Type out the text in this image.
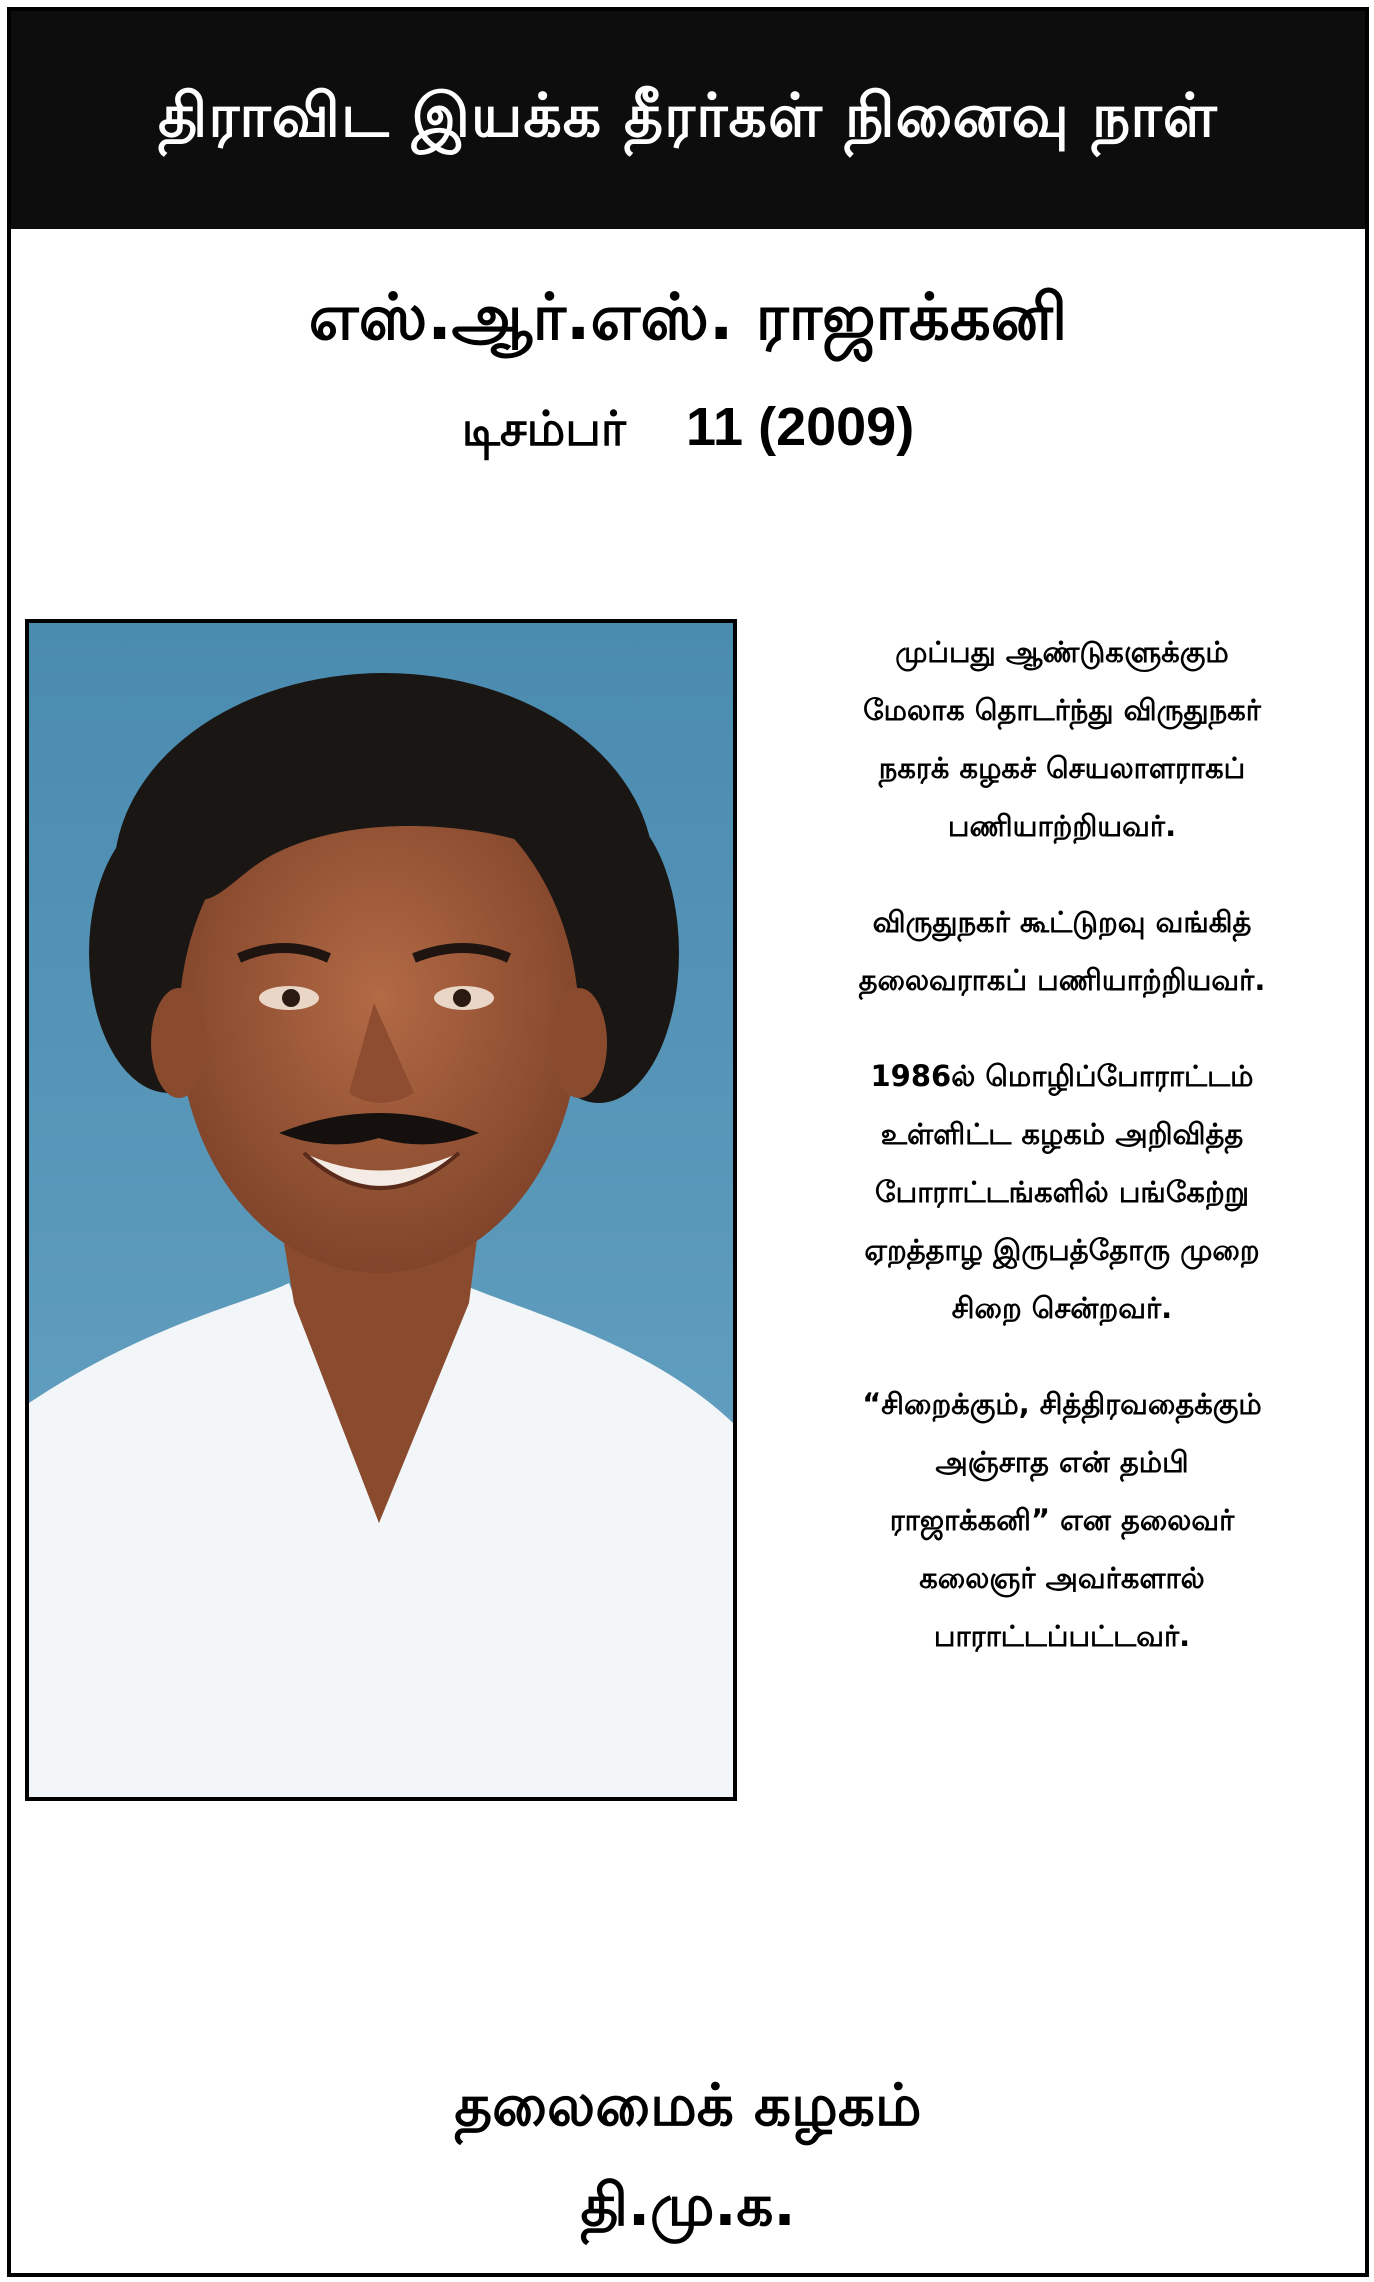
திராவிட இயக்க தீரர்கள் நினைவு நாள்
எஸ்.ஆர்.எஸ். ராஜாக்கனி
டிசம்பர் 11 (2009)

முப்பது ஆண்டுகளுக்கும்
மேலாக தொடர்ந்து விருதுநகர்
நகரக் கழகச் செயலாளராகப்
பணியாற்றியவர்.

விருதுநகர் கூட்டுறவு வங்கித்
தலைவராகப் பணியாற்றியவர்.

1986ல் மொழிப்போராட்டம்
உள்ளிட்ட கழகம் அறிவித்த
போராட்டங்களில் பங்கேற்று
ஏறத்தாழ இருபத்தோரு முறை
சிறை சென்றவர்.

“சிறைக்கும், சித்திரவதைக்கும்
அஞ்சாத என் தம்பி
ராஜாக்கனி” என தலைவர்
கலைஞர் அவர்களால்
பாராட்டப்பட்டவர்.

தலைமைக் கழகம்
தி.மு.க.
